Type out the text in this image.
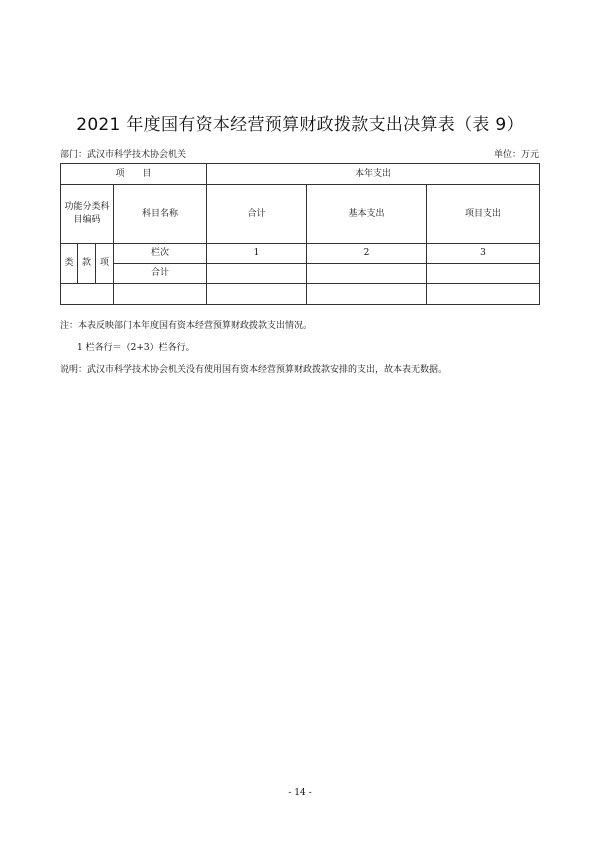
2021 年度国有资本经营预算财政拨款支出决算表（表 9）
部门：武汉市科学技术协会机关	单位：万元
项　　目				本年支出		
功能分类科目编码			科目名称	合计	基本支出	项目支出
类	款	项	栏次	1	2	3
			合计			

注：本表反映部门本年度国有资本经营预算财政拨款支出情况。
1 栏各行＝（2+3）栏各行。
说明：武汉市科学技术协会机关没有使用国有资本经营预算财政拨款安排的支出，故本表无数据。
- 14 -
